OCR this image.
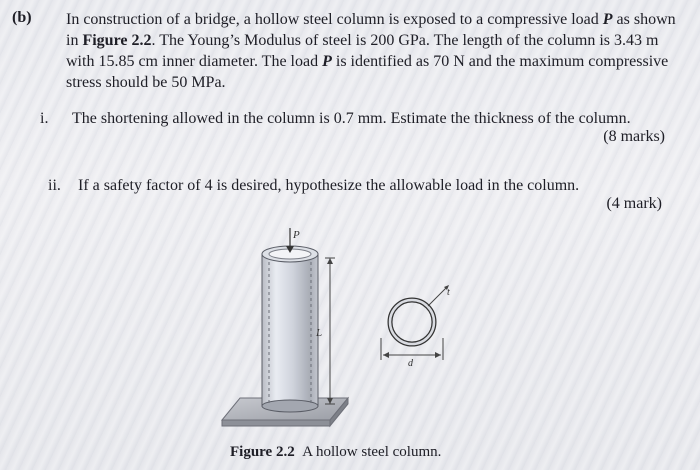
(b) In construction of a bridge, a hollow steel column is exposed to a compressive load P as shown in Figure 2.2. The Young’s Modulus of steel is 200 GPa. The length of the column is 3.43 m with 15.85 cm inner diameter. The load P is identified as 70 N and the maximum compressive stress should be 50 MPa.

i. The shortening allowed in the column is 0.7 mm. Estimate the thickness of the column.
(8 marks)
ii. If a safety factor of 4 is desired, hypothesize the allowable load in the column.
(4 mark)
P
L
t
d
Figure 2.2 A hollow steel column.
